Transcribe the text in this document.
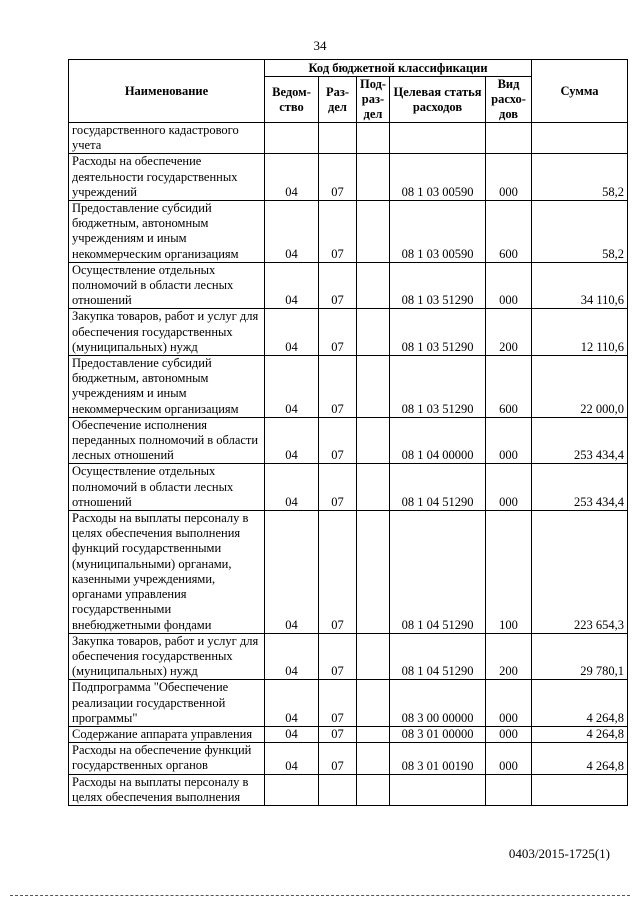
34
Наименование	Код бюджетной классификации					Сумма
	Ведом-ство	Раз-дел	Под-раз-дел	Целевая статья расходов	Вид расхо-дов	
государственного кадастрового учета						
Расходы на обеспечение деятельности государственных учреждений	04	07		08 1 03 00590	000	58,2
Предоставление субсидий бюджетным, автономным учреждениям и иным некоммерческим организациям	04	07		08 1 03 00590	600	58,2
Осуществление отдельных полномочий в области лесных отношений	04	07		08 1 03 51290	000	34 110,6
Закупка товаров, работ и услуг для обеспечения государственных (муниципальных) нужд	04	07		08 1 03 51290	200	12 110,6
Предоставление субсидий бюджетным, автономным учреждениям и иным некоммерческим организациям	04	07		08 1 03 51290	600	22 000,0
Обеспечение исполнения переданных полномочий в области лесных отношений	04	07		08 1 04 00000	000	253 434,4
Осуществление отдельных полномочий в области лесных отношений	04	07		08 1 04 51290	000	253 434,4
Расходы на выплаты персоналу в целях обеспечения выполнения функций государственными (муниципальными) органами, казенными учреждениями, органами управления государственными внебюджетными фондами	04	07		08 1 04 51290	100	223 654,3
Закупка товаров, работ и услуг для обеспечения государственных (муниципальных) нужд	04	07		08 1 04 51290	200	29 780,1
Подпрограмма "Обеспечение реализации государственной программы"	04	07		08 3 00 00000	000	4 264,8
Содержание аппарата управления	04	07		08 3 01 00000	000	4 264,8
Расходы на обеспечение функций государственных органов	04	07		08 3 01 00190	000	4 264,8
Расходы на выплаты персоналу в целях обеспечения выполнения						
0403/2015-1725(1)
